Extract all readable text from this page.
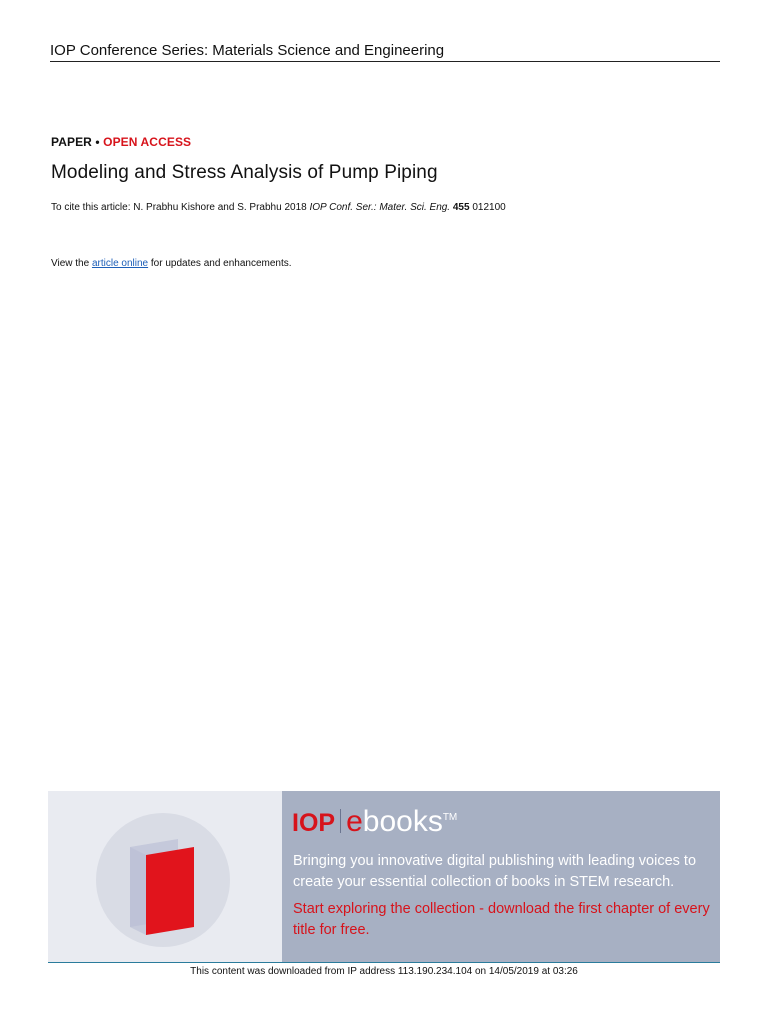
IOP Conference Series: Materials Science and Engineering
PAPER • OPEN ACCESS
Modeling and Stress Analysis of Pump Piping
To cite this article: N. Prabhu Kishore and S. Prabhu 2018 IOP Conf. Ser.: Mater. Sci. Eng. 455 012100
View the article online for updates and enhancements.
IOP ebooks™
Bringing you innovative digital publishing with leading voices to create your essential collection of books in STEM research.
Start exploring the collection - download the first chapter of every title for free.
This content was downloaded from IP address 113.190.234.104 on 14/05/2019 at 03:26
